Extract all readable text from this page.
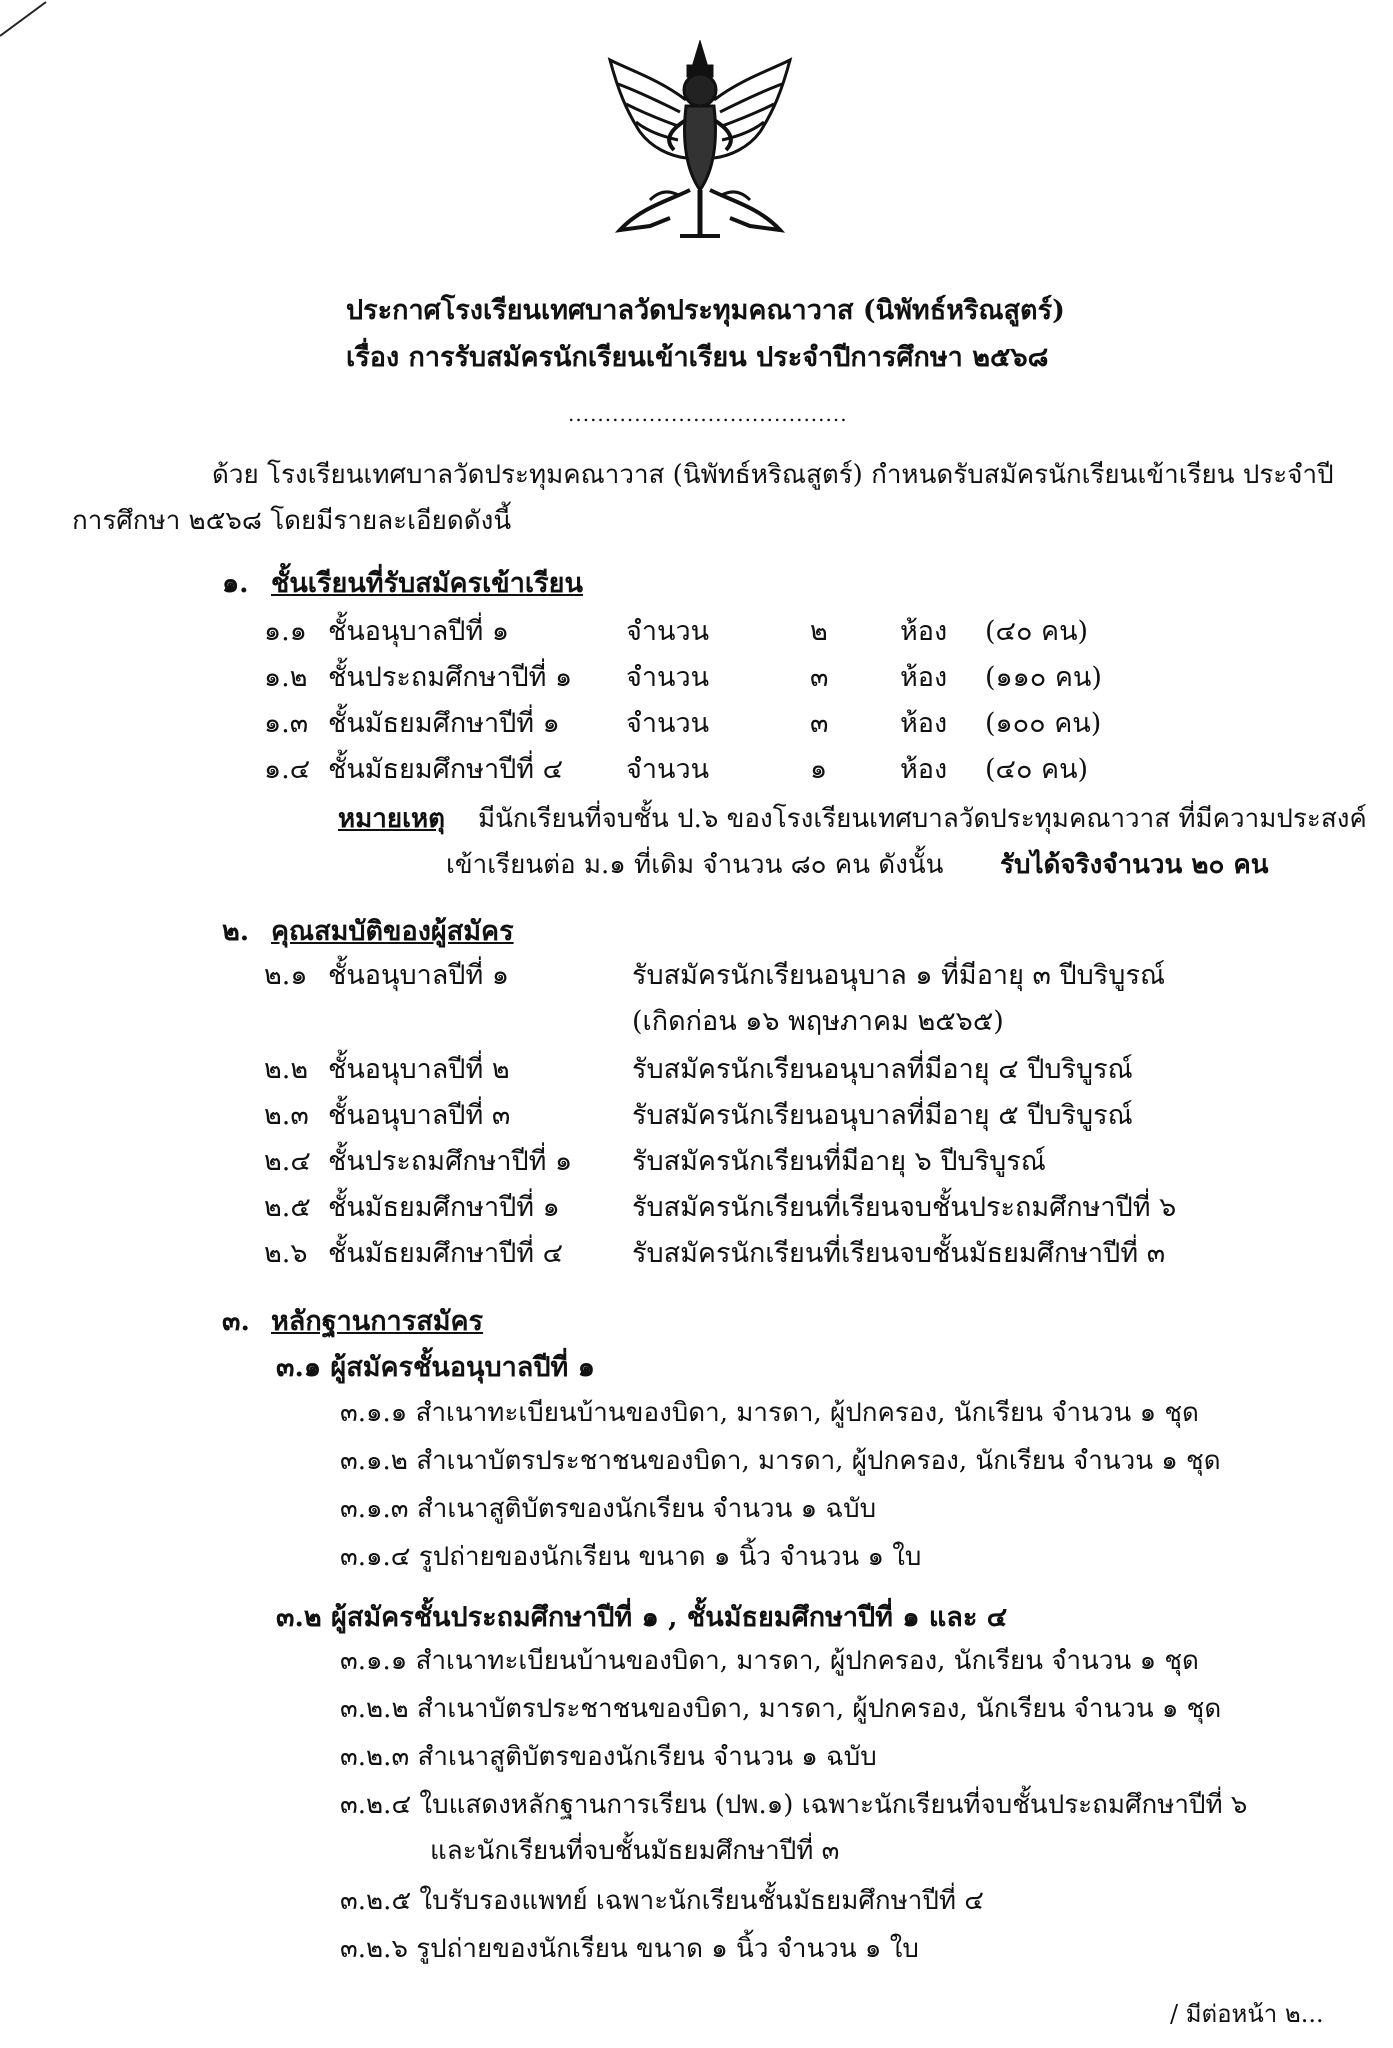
ประกาศโรงเรียนเทศบาลวัดประทุมคณาวาส (นิพัทธ์หริณสูตร์)
เรื่อง การรับสมัครนักเรียนเข้าเรียน ประจำปีการศึกษา ๒๕๖๘
......................................
ด้วย โรงเรียนเทศบาลวัดประทุมคณาวาส (นิพัทธ์หริณสูตร์) กำหนดรับสมัครนักเรียนเข้าเรียน ประจำปี
การศึกษา ๒๕๖๘ โดยมีรายละเอียดดังนี้
๑. ชั้นเรียนที่รับสมัครเข้าเรียน
๑.๑ ชั้นอนุบาลปีที่ ๑	จำนวน	๒	ห้อง (๔๐ คน)
๑.๒ ชั้นประถมศึกษาปีที่ ๑ จำนวน	๓	ห้อง (๑๑๐ คน)
๑.๓ ชั้นมัธยมศึกษาปีที่ ๑ จำนวน	๓	ห้อง (๑๐๐ คน)
๑.๔ ชั้นมัธยมศึกษาปีที่ ๔ จำนวน	๑	ห้อง (๔๐ คน)
หมายเหตุ มีนักเรียนที่จบชั้น ป.๖ ของโรงเรียนเทศบาลวัดประทุมคณาวาส ที่มีความประสงค์
เข้าเรียนต่อ ม.๑ ที่เดิม จำนวน ๘๐ คน ดังนั้น รับได้จริงจำนวน ๒๐ คน
๒. คุณสมบัติของผู้สมัคร
๒.๑ ชั้นอนุบาลปีที่ ๑	รับสมัครนักเรียนอนุบาล ๑ ที่มีอายุ ๓ ปีบริบูรณ์
(เกิดก่อน ๑๖ พฤษภาคม ๒๕๖๕)
๒.๒ ชั้นอนุบาลปีที่ ๒	รับสมัครนักเรียนอนุบาลที่มีอายุ ๔ ปีบริบูรณ์
๒.๓ ชั้นอนุบาลปีที่ ๓	รับสมัครนักเรียนอนุบาลที่มีอายุ ๕ ปีบริบูรณ์
๒.๔ ชั้นประถมศึกษาปีที่ ๑ รับสมัครนักเรียนที่มีอายุ ๖ ปีบริบูรณ์
๒.๕ ชั้นมัธยมศึกษาปีที่ ๑	รับสมัครนักเรียนที่เรียนจบชั้นประถมศึกษาปีที่ ๖
๒.๖ ชั้นมัธยมศึกษาปีที่ ๔	รับสมัครนักเรียนที่เรียนจบชั้นมัธยมศึกษาปีที่ ๓
๓. หลักฐานการสมัคร
๓.๑ ผู้สมัครชั้นอนุบาลปีที่ ๑
๓.๑.๑ สำเนาทะเบียนบ้านของบิดา, มารดา, ผู้ปกครอง, นักเรียน จำนวน ๑ ชุด
๓.๑.๒ สำเนาบัตรประชาชนของบิดา, มารดา, ผู้ปกครอง, นักเรียน จำนวน ๑ ชุด
๓.๑.๓ สำเนาสูติบัตรของนักเรียน จำนวน ๑ ฉบับ
๓.๑.๔ รูปถ่ายของนักเรียน ขนาด ๑ นิ้ว จำนวน ๑ ใบ
๓.๒ ผู้สมัครชั้นประถมศึกษาปีที่ ๑ , ชั้นมัธยมศึกษาปีที่ ๑ และ ๔
๓.๑.๑ สำเนาทะเบียนบ้านของบิดา, มารดา, ผู้ปกครอง, นักเรียน จำนวน ๑ ชุด
๓.๒.๒ สำเนาบัตรประชาชนของบิดา, มารดา, ผู้ปกครอง, นักเรียน จำนวน ๑ ชุด
๓.๒.๓ สำเนาสูติบัตรของนักเรียน จำนวน ๑ ฉบับ
๓.๒.๔ ใบแสดงหลักฐานการเรียน (ปพ.๑) เฉพาะนักเรียนที่จบชั้นประถมศึกษาปีที่ ๖
และนักเรียนที่จบชั้นมัธยมศึกษาปีที่ ๓
๓.๒.๕ ใบรับรองแพทย์ เฉพาะนักเรียนชั้นมัธยมศึกษาปีที่ ๔
๓.๒.๖ รูปถ่ายของนักเรียน ขนาด ๑ นิ้ว จำนวน ๑ ใบ
/ มีต่อหน้า ๒...
